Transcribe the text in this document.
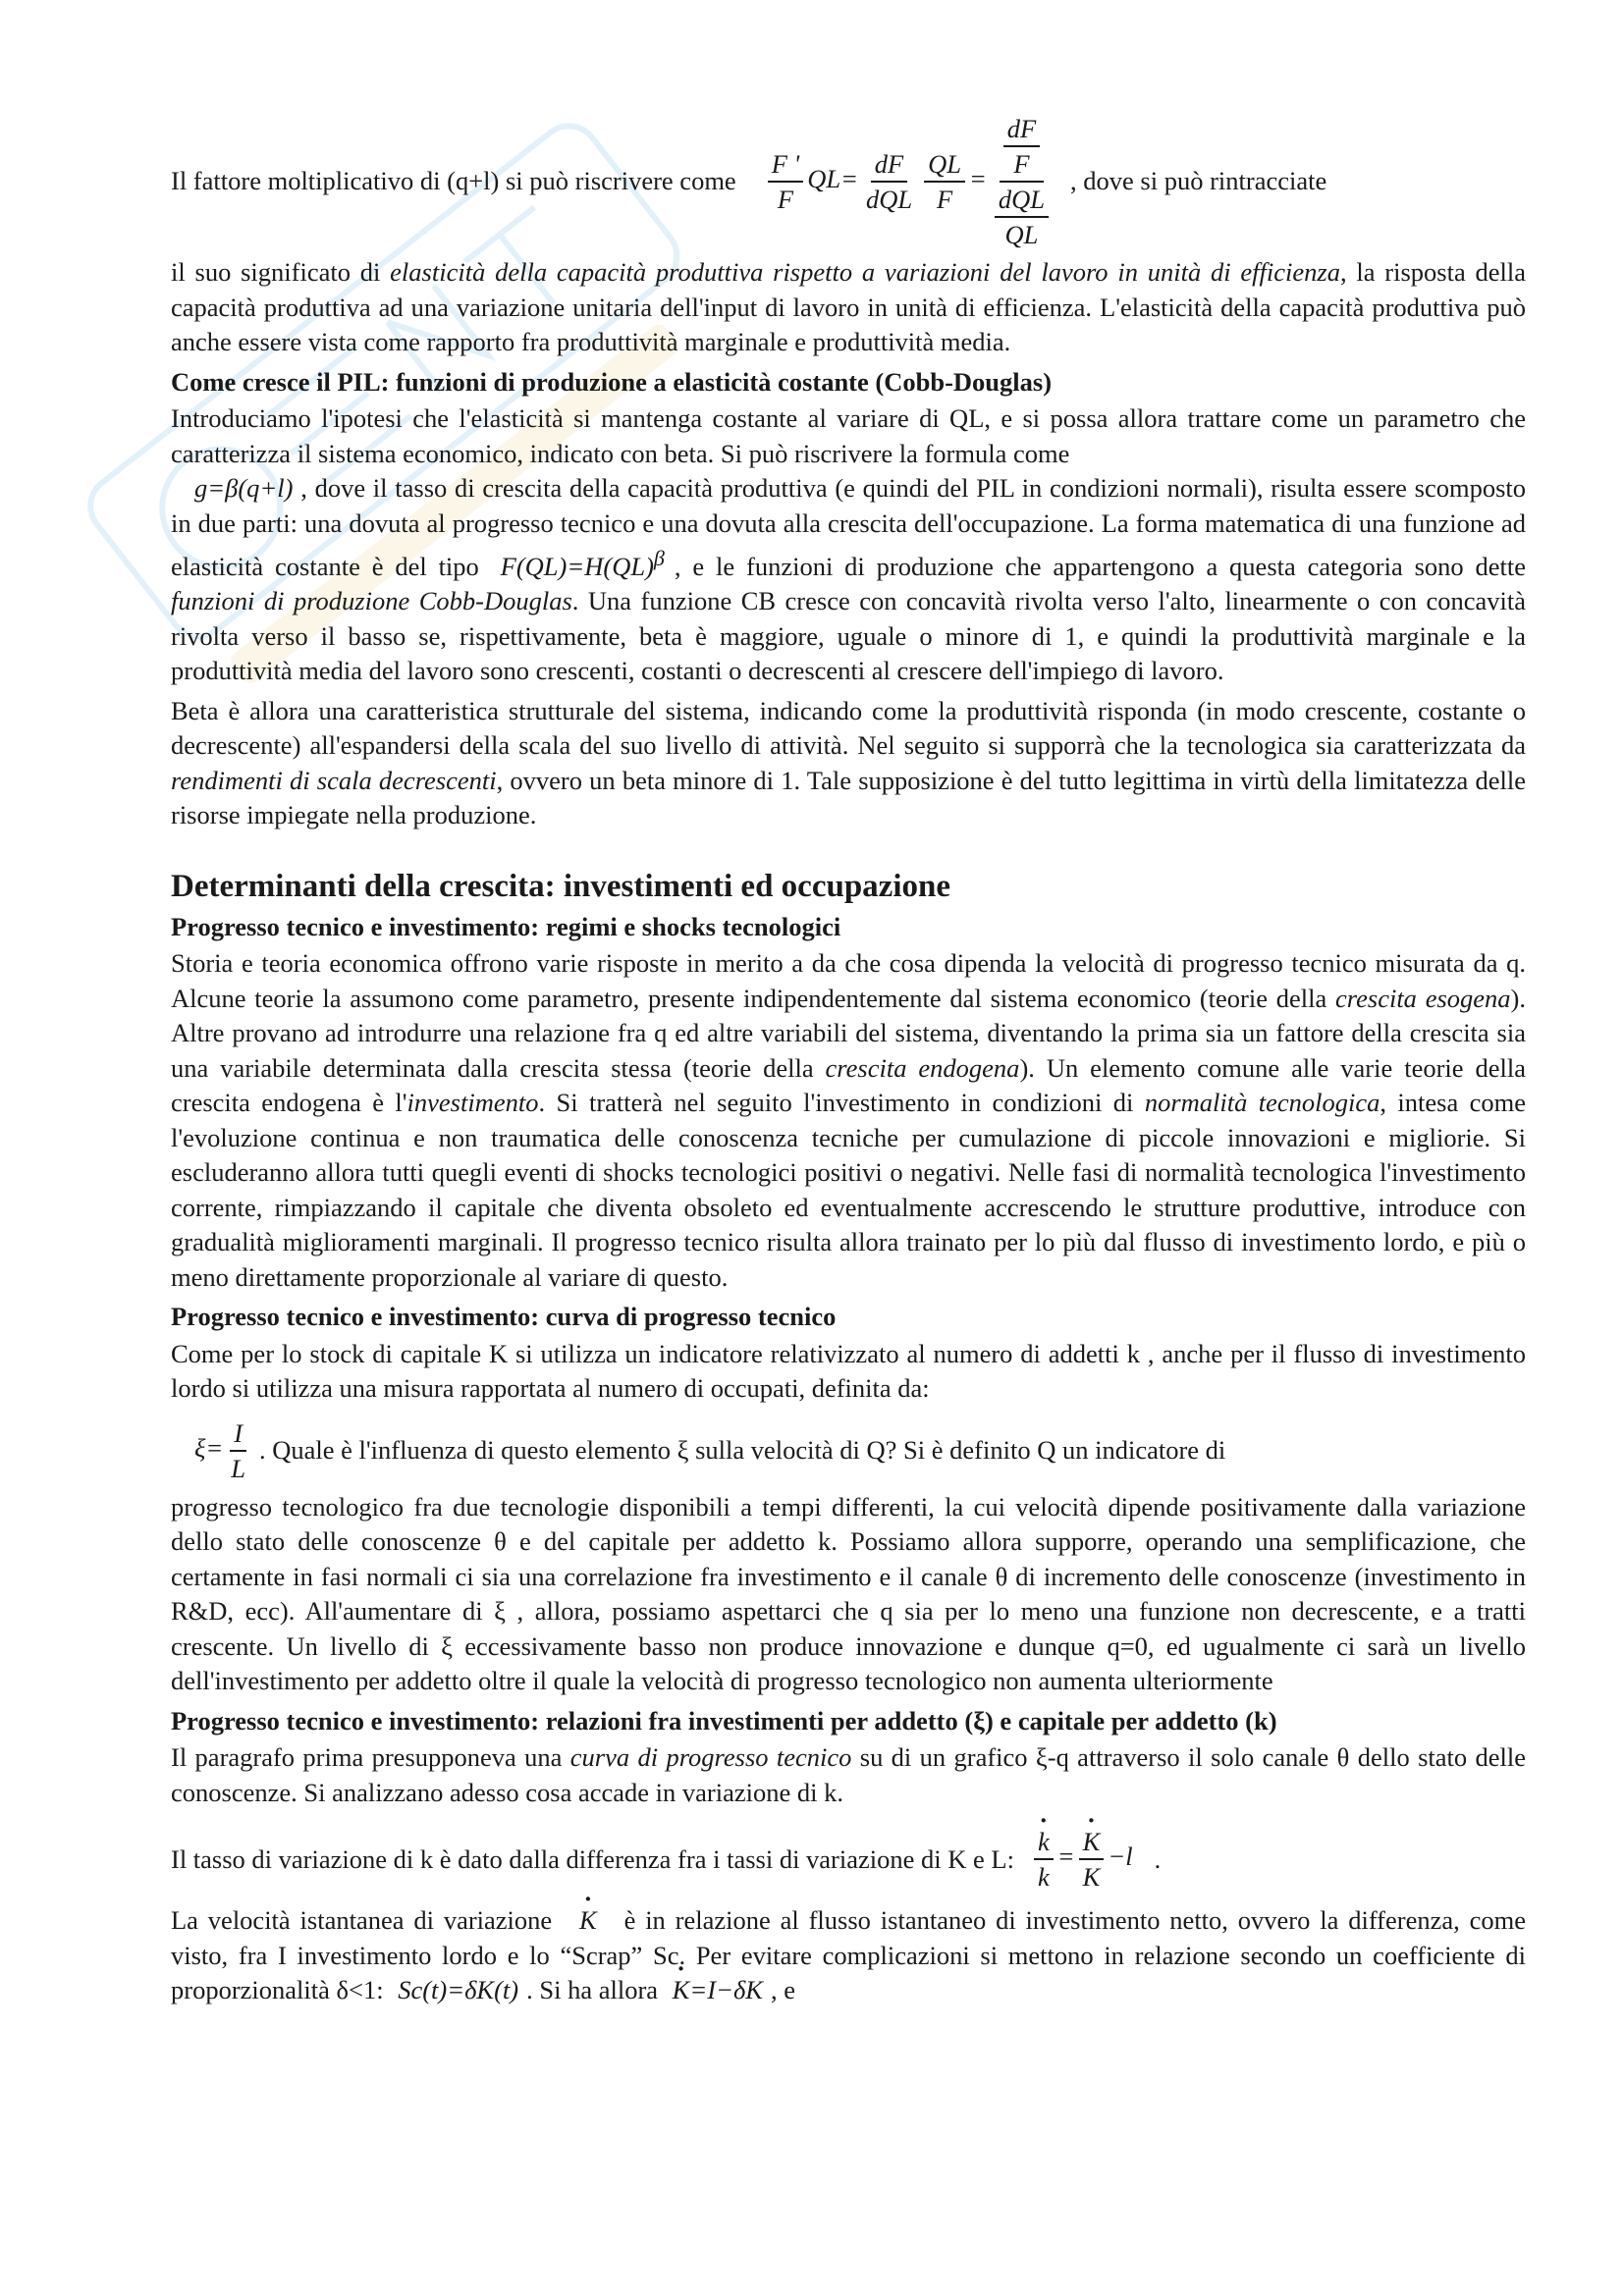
Il fattore moltiplicativo di (q+l) si può riscrivere come $\frac{F '}{F} QL= \frac{dF}{\text{dQL}} \frac{QL}{F} = \frac{\frac{dF}{F}}{\frac{\text{dQL}}{QL}}$ , dove si può rintracciate

il suo significato di elasticità della capacità produttiva rispetto a variazioni del lavoro in unità di efficienza, la risposta della capacità produttiva ad una variazione unitaria dell'input di lavoro in unità di efficienza. L'elasticità della capacità produttiva può anche essere vista come rapporto fra produttività marginale e produttività media.

Come cresce il PIL: funzioni di produzione a elasticità costante (Cobb-Douglas)

Introduciamo l'ipotesi che l'elasticità si mantenga costante al variare di QL, e si possa allora trattare come un parametro che caratterizza il sistema economico, indicato con beta. Si può riscrivere la formula come
g=β(q+l) , dove il tasso di crescita della capacità produttiva (e quindi del PIL in condizioni normali), risulta essere scomposto in due parti: una dovuta al progresso tecnico e una dovuta alla crescita dell'occupazione. La forma matematica di una funzione ad elasticità costante è del tipo F(QL)=H(QL)$^\beta$ , e le funzioni di produzione che appartengono a questa categoria sono dette funzioni di produzione Cobb-Douglas. Una funzione CB cresce con concavità rivolta verso l'alto, linearmente o con concavità rivolta verso il basso se, rispettivamente, beta è maggiore, uguale o minore di 1, e quindi la produttività marginale e la produttività media del lavoro sono crescenti, costanti o decrescenti al crescere dell'impiego di lavoro.

Beta è allora una caratteristica strutturale del sistema, indicando come la produttività risponda (in modo crescente, costante o decrescente) all'espandersi della scala del suo livello di attività. Nel seguito si supporrà che la tecnologica sia caratterizzata da rendimenti di scala decrescenti, ovvero un beta minore di 1. Tale supposizione è del tutto legittima in virtù della limitatezza delle risorse impiegate nella produzione.

Determinanti della crescita: investimenti ed occupazione
Progresso tecnico e investimento: regimi e shocks tecnologici

Storia e teoria economica offrono varie risposte in merito a da che cosa dipenda la velocità di progresso tecnico misurata da q. Alcune teorie la assumono come parametro, presente indipendentemente dal sistema economico (teorie della crescita esogena). Altre provano ad introdurre una relazione fra q ed altre variabili del sistema, diventando la prima sia un fattore della crescita sia una variabile determinata dalla crescita stessa (teorie della crescita endogena). Un elemento comune alle varie teorie della crescita endogena è l'investimento. Si tratterà nel seguito l'investimento in condizioni di normalità tecnologica, intesa come l'evoluzione continua e non traumatica delle conoscenza tecniche per cumulazione di piccole innovazioni e migliorie. Si escluderanno allora tutti quegli eventi di shocks tecnologici positivi o negativi. Nelle fasi di normalità tecnologica l'investimento corrente, rimpiazzando il capitale che diventa obsoleto ed eventualmente accrescendo le strutture produttive, introduce con gradualità miglioramenti marginali. Il progresso tecnico risulta allora trainato per lo più dal flusso di investimento lordo, e più o meno direttamente proporzionale al variare di questo.

Progresso tecnico e investimento: curva di progresso tecnico

Come per lo stock di capitale K si utilizza un indicatore relativizzato al numero di addetti k , anche per il flusso di investimento lordo si utilizza una misura rapportata al numero di occupati, definita da:

$\xi= \frac{I}{L}$ . Quale è l'influenza di questo elemento ξ sulla velocità di Q? Si è definito Q un indicatore di

progresso tecnologico fra due tecnologie disponibili a tempi differenti, la cui velocità dipende positivamente dalla variazione dello stato delle conoscenze θ e del capitale per addetto k. Possiamo allora supporre, operando una semplificazione, che certamente in fasi normali ci sia una correlazione fra investimento e il canale θ di incremento delle conoscenze (investimento in R&D, ecc). All'aumentare di ξ , allora, possiamo aspettarci che q sia per lo meno una funzione non decrescente, e a tratti crescente. Un livello di ξ eccessivamente basso non produce innovazione e dunque q=0, ed ugualmente ci sarà un livello dell'investimento per addetto oltre il quale la velocità di progresso tecnologico non aumenta ulteriormente

Progresso tecnico e investimento: relazioni fra investimenti per addetto (ξ) e capitale per addetto (k)

Il paragrafo prima presupponeva una curva di progresso tecnico su di un grafico ξ-q attraverso il solo canale θ dello stato delle conoscenze. Si analizzano adesso cosa accade in variazione di k.

Il tasso di variazione di k è dato dalla differenza fra i tassi di variazione di K e L: · $\frac{k}{k}$ = · $\frac{K}{K} -l$ .

La velocità istantanea di variazione · K è in relazione al flusso istantaneo di investimento netto, ovvero la differenza, come visto, fra I investimento lordo e lo “Scrap” Sc. Per evitare complicazioni si mettono in relazione secondo un coefficiente di proporzionalità δ<1: Sc(t)=δK(t) . Si ha allora · K=I−δK , e
